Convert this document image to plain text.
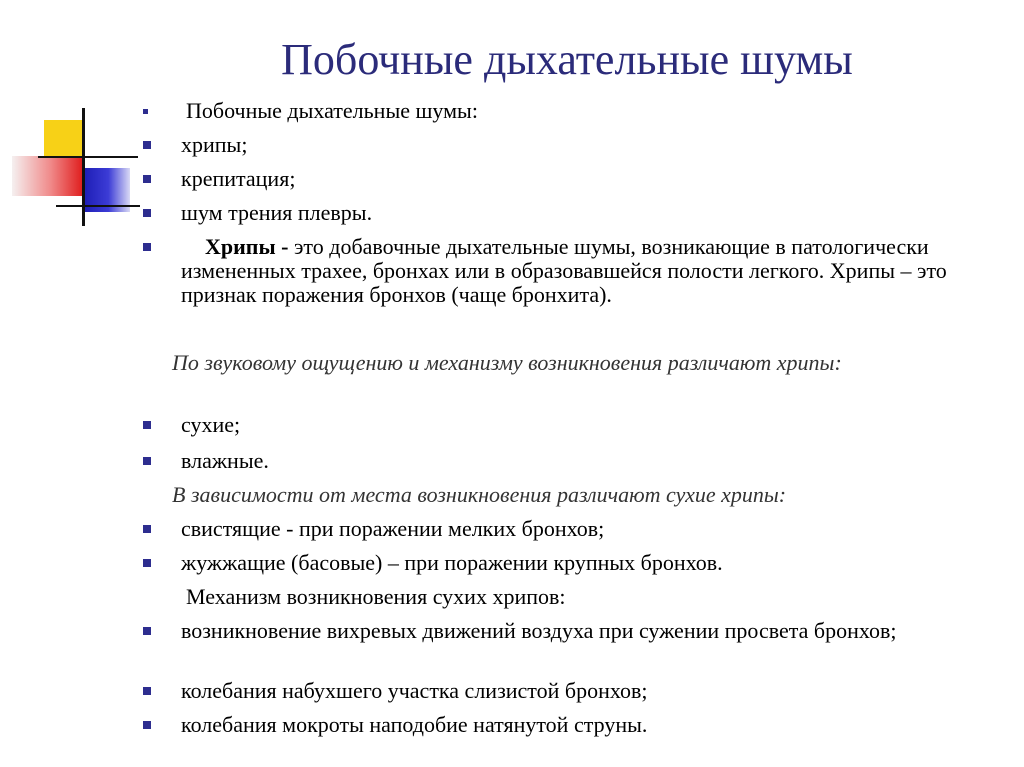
Побочные дыхательные шумы
Побочные дыхательные шумы:
хрипы;
крепитация;
шум трения плевры.
Хрипы - это добавочные дыхательные шумы, возникающие в патологически измененных трахее, бронхах или в образовавшейся полости легкого. Хрипы – это признак поражения бронхов (чаще бронхита).
По звуковому ощущению и механизму возникновения различают хрипы:
сухие;
влажные.
В зависимости от места возникновения различают сухие хрипы:
свистящие - при поражении мелких бронхов;
жужжащие (басовые) – при поражении крупных бронхов.
Механизм возникновения сухих хрипов:
возникновение вихревых движений воздуха при сужении просвета бронхов;
колебания набухшего участка слизистой бронхов;
колебания мокроты наподобие натянутой струны.
